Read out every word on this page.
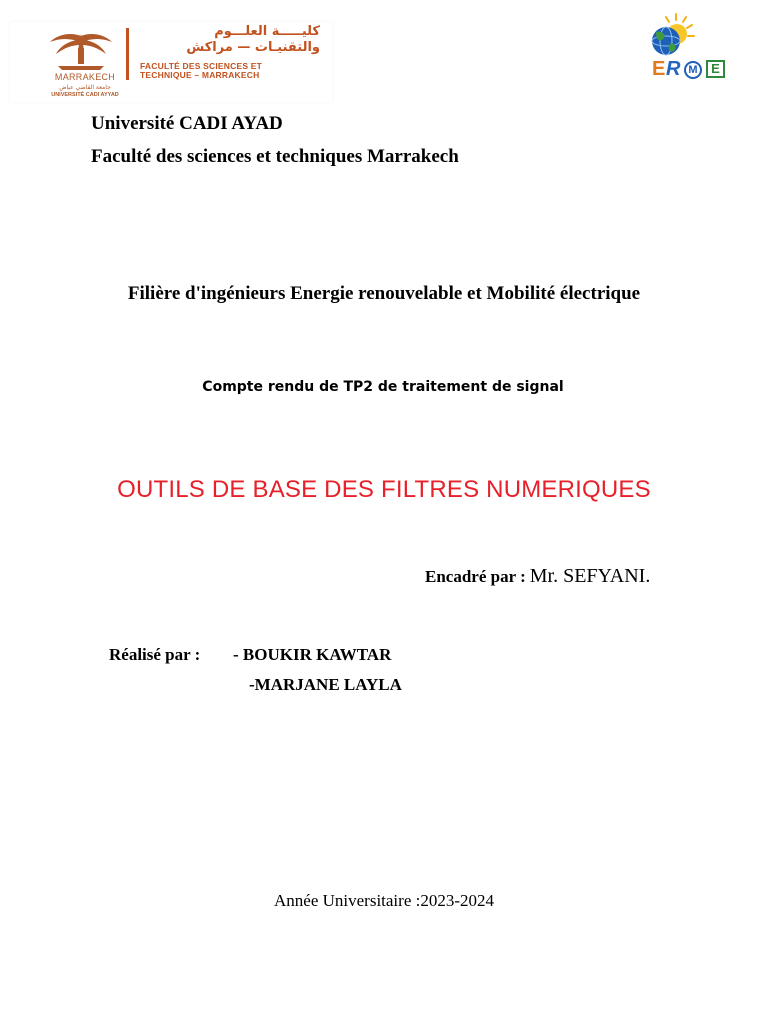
MARRAKECH
جامعة القاضي عياض
UNIVERSITÉ CADI AYYAD
كليـــــة العلـــوم
والتقنيـات — مراكش
FACULTÉ DES SCIENCES ET
TECHNIQUE – MARRAKECH	E R M	E
Université CADI AYAD
Faculté des sciences et techniques Marrakech
Filière d'ingénieurs Energie renouvelable et Mobilité électrique
Compte rendu de TP2 de traitement de signal
OUTILS DE BASE DES FILTRES NUMERIQUES
Encadré par : Mr. SEFYANI.
Réalisé par : - BOUKIR KAWTAR
-MARJANE LAYLA
Année Universitaire :2023-2024
